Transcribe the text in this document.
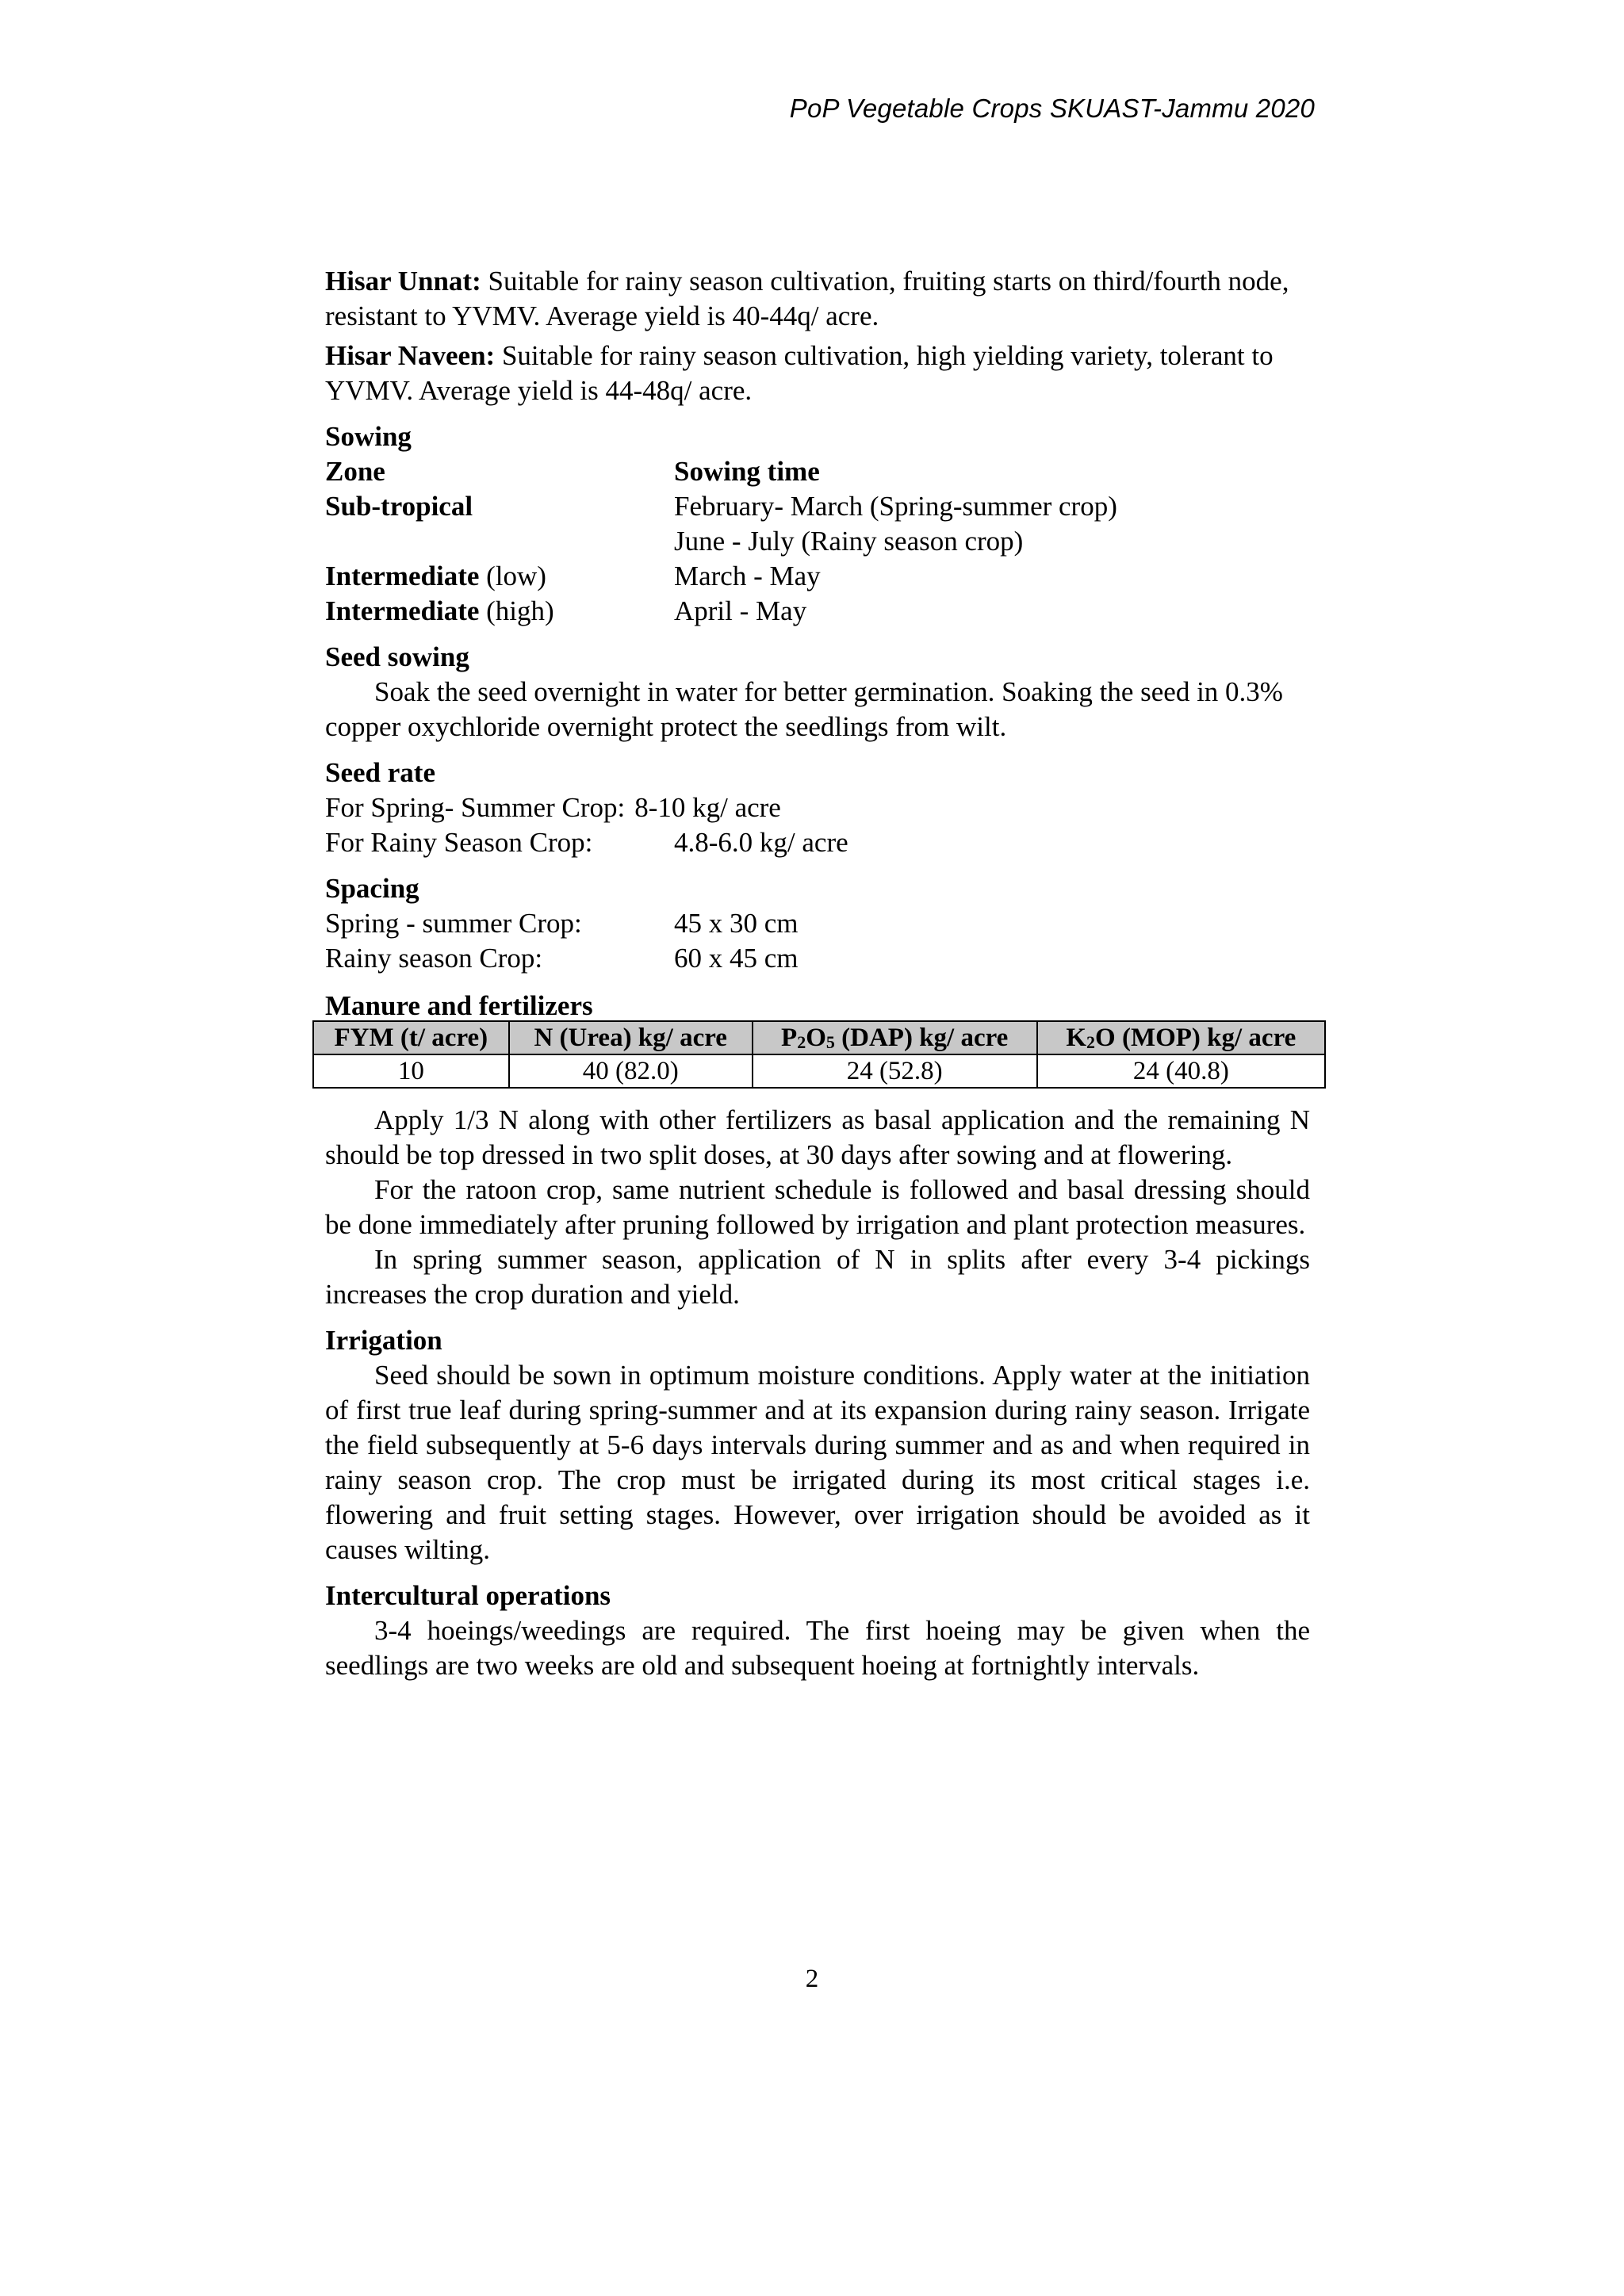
PoP Vegetable Crops SKUAST-Jammu 2020

Hisar Unnat: Suitable for rainy season cultivation, fruiting starts on third/fourth node, resistant to YVMV. Average yield is 40-44q/ acre.

Hisar Naveen: Suitable for rainy season cultivation, high yielding variety, tolerant to YVMV. Average yield is 44-48q/ acre.

Sowing
Zone	Sowing time
Sub-tropical	February- March (Spring-summer crop)
June - July (Rainy season crop)
Intermediate (low)	March - May
Intermediate (high)	April - May
Seed sowing

Soak the seed overnight in water for better germination. Soaking the seed in 0.3% copper oxychloride overnight protect the seedlings from wilt.

Seed rate
For Spring- Summer Crop: 8-10 kg/ acre
For Rainy Season Crop:	4.8-6.0 kg/ acre
Spacing
Spring - summer Crop:	45 x 30 cm
Rainy season Crop:	60 x 45 cm
Manure and fertilizers
FYM (t/ acre)	N (Urea) kg/ acre	$P_2O_5$ (DAP) kg/ acre	$K_2O$ (MOP) kg/ acre
10	40 (82.0)	24 (52.8)	24 (40.8)

Apply 1/3 N along with other fertilizers as basal application and the remaining N should be top dressed in two split doses, at 30 days after sowing and at flowering.

For the ratoon crop, same nutrient schedule is followed and basal dressing should be done immediately after pruning followed by irrigation and plant protection measures.

In spring summer season, application of N in splits after every 3-4 pickings increases the crop duration and yield.

Irrigation

Seed should be sown in optimum moisture conditions. Apply water at the initiation of first true leaf during spring-summer and at its expansion during rainy season. Irrigate the field subsequently at 5-6 days intervals during summer and as and when required in rainy season crop. The crop must be irrigated during its most critical stages i.e. flowering and fruit setting stages. However, over irrigation should be avoided as it causes wilting.

Intercultural operations

3-4 hoeings/weedings are required. The first hoeing may be given when the seedlings are two weeks are old and subsequent hoeing at fortnightly intervals.

2
